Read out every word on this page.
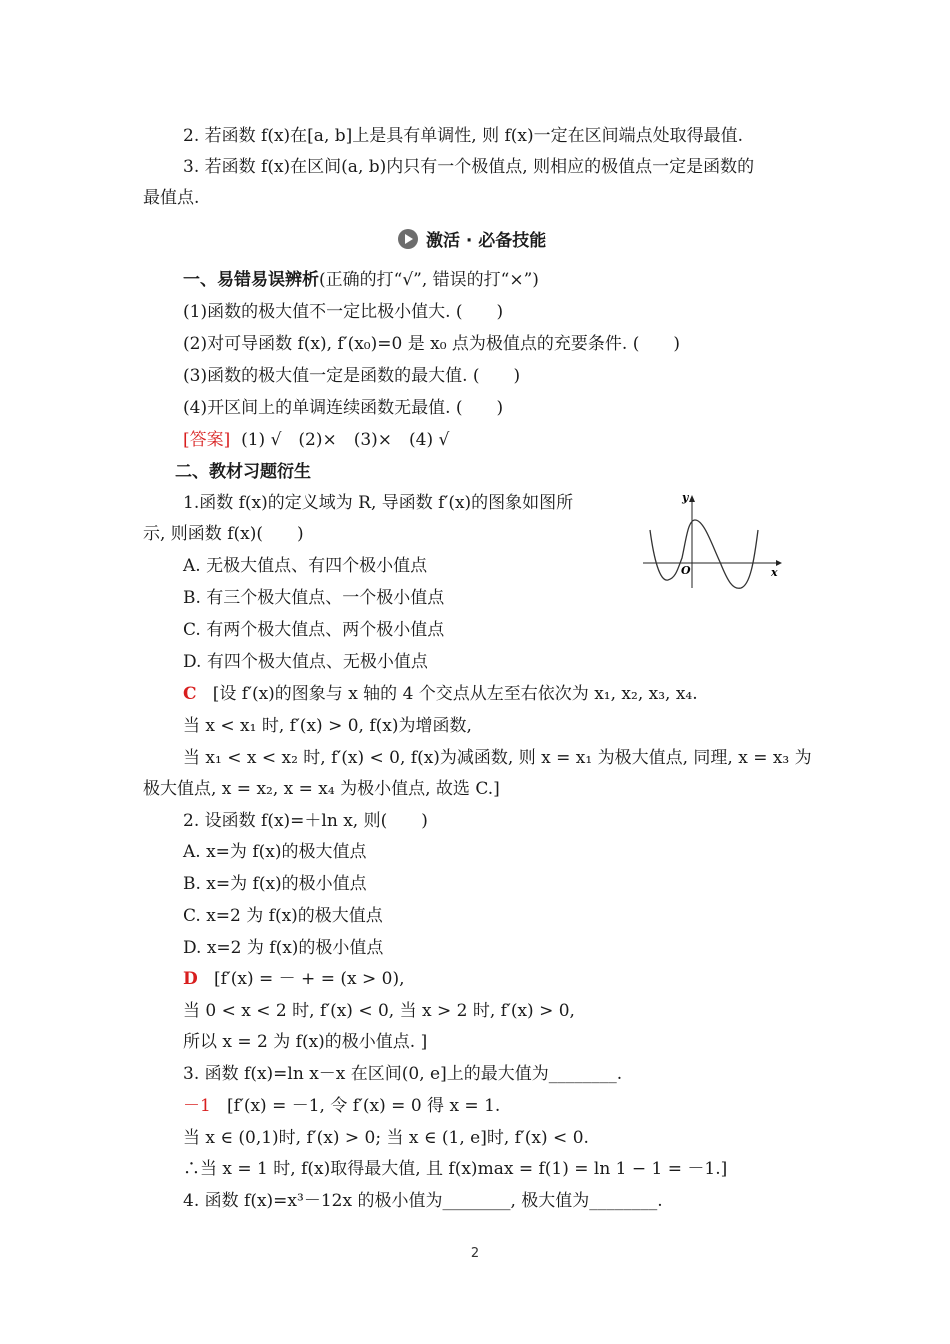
2. 若函数 f(x)在[a, b]上是具有单调性, 则 f(x)一定在区间端点处取得最值.
3. 若函数 f(x)在区间(a, b)内只有一个极值点, 则相应的极值点一定是函数的
最值点.
激活 · 必备技能
一、易错易误辨析(正确的打“√”, 错误的打“×”)
(1)函数的极大值不一定比极小值大. (　　)
(2)对可导函数 f(x), f′(x₀)=0 是 x₀ 点为极值点的充要条件. (　　)
(3)函数的极大值一定是函数的最大值. (　　)
(4)开区间上的单调连续函数无最值. (　　)
[答案] (1) √　(2)×　(3)×　(4) √
二、教材习题衍生
1.函数 f(x)的定义域为 R, 导函数 f′(x)的图象如图所
示, 则函数 f(x)(　　)
A. 无极大值点、有四个极小值点
B. 有三个极大值点、一个极小值点
C. 有两个极大值点、两个极小值点
D. 有四个极大值点、无极小值点
y
x
O
C [设 f′(x)的图象与 x 轴的 4 个交点从左至右依次为 x₁, x₂, x₃, x₄.
当 x < x₁ 时, f′(x) > 0, f(x)为增函数,
当 x₁ < x < x₂ 时, f′(x) < 0, f(x)为减函数, 则 x = x₁ 为极大值点, 同理, x = x₃ 为
极大值点, x = x₂, x = x₄ 为极小值点, 故选 C.]
2. 设函数 f(x)=＋ln x, 则(　　)
A. x=为 f(x)的极大值点
B. x=为 f(x)的极小值点
C. x=2 为 f(x)的极大值点
D. x=2 为 f(x)的极小值点
D [f′(x) = － + = (x > 0),
当 0 < x < 2 时, f′(x) < 0, 当 x > 2 时, f′(x) > 0,
所以 x = 2 为 f(x)的极小值点. ]
3. 函数 f(x)=ln x－x 在区间(0, e]上的最大值为________.
－1 [f′(x) = －1, 令 f′(x) = 0 得 x = 1.
当 x ∈ (0,1)时, f′(x) > 0; 当 x ∈ (1, e]时, f′(x) < 0.
∴当 x = 1 时, f(x)取得最大值, 且 f(x)max = f(1) = ln 1 − 1 = －1.]
4. 函数 f(x)=x³－12x 的极小值为________, 极大值为________.
2
